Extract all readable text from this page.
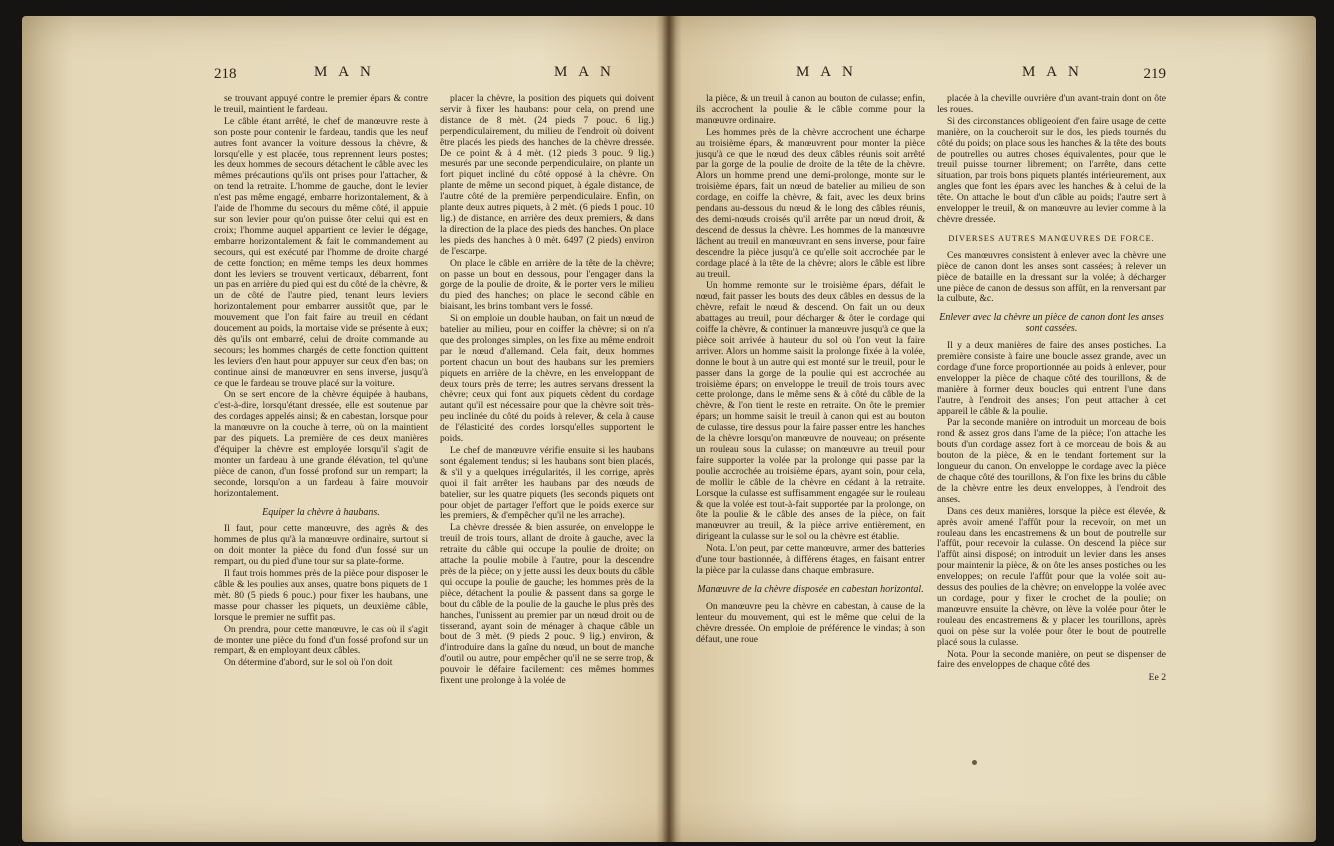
218	M A N	M A N

se trouvant appuyé contre le premier épars & contre le treuil, maintient le fardeau.

Le câble étant arrêté, le chef de manœuvre reste à son poste pour contenir le fardeau, tandis que les neuf autres font avancer la voiture dessous la chèvre, & lorsqu'elle y est placée, tous reprennent leurs postes; les deux hommes de secours détachent le câble avec les mêmes précautions qu'ils ont prises pour l'attacher, & on tend la retraite. L'homme de gauche, dont le levier n'est pas même engagé, embarre horizontalement, & à l'aide de l'homme du secours du même côté, il appuie sur son levier pour qu'on puisse ôter celui qui est en croix; l'homme auquel appartient ce levier le dégage, embarre horizontalement & fait le commandement au secours, qui est exécuté par l'homme de droite chargé de cette fonction; en même temps les deux hommes dont les leviers se trouvent verticaux, débarrent, font un pas en arrière du pied qui est du côté de la chèvre, & un de côté de l'autre pied, tenant leurs leviers horizontalement pour embarrer aussitôt que, par le mouvement que l'on fait faire au treuil en cédant doucement au poids, la mortaise vide se présente à eux; dès qu'ils ont embarré, celui de droite commande au secours; les hommes chargés de cette fonction quittent les leviers d'en haut pour appuyer sur ceux d'en bas; on continue ainsi de manœuvrer en sens inverse, jusqu'à ce que le fardeau se trouve placé sur la voiture.

On se sert encore de la chèvre équipée à haubans, c'est-à-dire, lorsqu'étant dressée, elle est soutenue par des cordages appelés ainsi; & en cabestan, lorsque pour la manœuvre on la couche à terre, où on la maintient par des piquets. La première de ces deux manières d'équiper la chèvre est employée lorsqu'il s'agit de monter un fardeau à une grande élévation, tel qu'une pièce de canon, d'un fossé profond sur un rempart; la seconde, lorsqu'on a un fardeau à faire mouvoir horizontalement.

Equiper la chèvre à haubans.

Il faut, pour cette manœuvre, des agrès & des hommes de plus qu'à la manœuvre ordinaire, surtout si on doit monter la pièce du fond d'un fossé sur un rempart, ou du pied d'une tour sur sa plate-forme.

Il faut trois hommes près de la pièce pour disposer le câble & les poulies aux anses, quatre bons piquets de 1 mèt. 80 (5 pieds 6 pouc.) pour fixer les haubans, une masse pour chasser les piquets, un deuxième câble, lorsque le premier ne suffit pas.

On prendra, pour cette manœuvre, le cas où il s'agit de monter une pièce du fond d'un fossé profond sur un rempart, & en employant deux câbles.

On détermine d'abord, sur le sol où l'on doit

placer la chèvre, la position des piquets qui doivent servir à fixer les haubans: pour cela, on prend une distance de 8 mèt. (24 pieds 7 pouc. 6 lig.) perpendiculairement, du milieu de l'endroit où doivent être placés les pieds des hanches de la chèvre dressée. De ce point & à 4 mèt. (12 pieds 3 pouc. 9 lig.) mesurés par une seconde perpendiculaire, on plante un fort piquet incliné du côté opposé à la chèvre. On plante de même un second piquet, à égale distance, de l'autre côté de la première perpendiculaire. Enfin, on plante deux autres piquets, à 2 mèt. (6 pieds 1 pouc. 10 lig.) de distance, en arrière des deux premiers, & dans la direction de la place des pieds des hanches. On place les pieds des hanches à 0 mèt. 6497 (2 pieds) environ de l'escarpe.

On place le câble en arrière de la tête de la chèvre; on passe un bout en dessous, pour l'engager dans la gorge de la poulie de droite, & le porter vers le milieu du pied des hanches; on place le second câble en biaisant, les brins tombant vers le fossé.

Si on emploie un double hauban, on fait un nœud de batelier au milieu, pour en coiffer la chèvre; si on n'a que des prolonges simples, on les fixe au même endroit par le nœud d'allemand. Cela fait, deux hommes portent chacun un bout des haubans sur les premiers piquets en arrière de la chèvre, en les enveloppant de deux tours près de terre; les autres servans dressent la chèvre; ceux qui font aux piquets cèdent du cordage autant qu'il est nécessaire pour que la chèvre soit très-peu inclinée du côté du poids à relever, & cela à cause de l'élasticité des cordes lorsqu'elles supportent le poids.

Le chef de manœuvre vérifie ensuite si les haubans sont également tendus; si les haubans sont bien placés, & s'il y a quelques irrégularités, il les corrige, après quoi il fait arrêter les haubans par des nœuds de batelier, sur les quatre piquets (les seconds piquets ont pour objet de partager l'effort que le poids exerce sur les premiers, & d'empêcher qu'il ne les arrache).

La chèvre dressée & bien assurée, on enveloppe le treuil de trois tours, allant de droite à gauche, avec la retraite du câble qui occupe la poulie de droite; on attache la poulie mobile à l'autre, pour la descendre près de la pièce; on y jette aussi les deux bouts du câble qui occupe la poulie de gauche; les hommes près de la pièce, détachent la poulie & passent dans sa gorge le bout du câble de la poulie de la gauche le plus près des hanches, l'unissent au premier par un nœud droit ou de tisserand, ayant soin de ménager à chaque câble un bout de 3 mèt. (9 pieds 2 pouc. 9 lig.) environ, & d'introduire dans la gaîne du nœud, un bout de manche d'outil ou autre, pour empêcher qu'il ne se serre trop, & pouvoir le défaire facilement: ces mêmes hommes fixent une prolonge à la volée de

M A N	M A N	219

la pièce, & un treuil à canon au bouton de culasse; enfin, ils accrochent la poulie & le câble comme pour la manœuvre ordinaire.

Les hommes près de la chèvre accrochent une écharpe au troisième épars, & manœuvrent pour monter la pièce jusqu'à ce que le nœud des deux câbles réunis soit arrêté par la gorge de la poulie de droite de la tête de la chèvre. Alors un homme prend une demi-prolonge, monte sur le troisième épars, fait un nœud de batelier au milieu de son cordage, en coiffe la chèvre, & fait, avec les deux brins pendans au-dessous du nœud & le long des câbles réunis, des demi-nœuds croisés qu'il arrête par un nœud droit, & descend de dessus la chèvre. Les hommes de la manœuvre lâchent au treuil en manœuvrant en sens inverse, pour faire descendre la pièce jusqu'à ce qu'elle soit accrochée par le cordage placé à la tête de la chèvre; alors le câble est libre au treuil.

Un homme remonte sur le troisième épars, défait le nœud, fait passer les bouts des deux câbles en dessus de la chèvre, refait le nœud & descend. On fait un ou deux abattages au treuil, pour décharger & ôter le cordage qui coiffe la chèvre, & continuer la manœuvre jusqu'à ce que la pièce soit arrivée à hauteur du sol où l'on veut la faire arriver. Alors un homme saisit la prolonge fixée à la volée, donne le bout à un autre qui est monté sur le treuil, pour le passer dans la gorge de la poulie qui est accrochée au troisième épars; on enveloppe le treuil de trois tours avec cette prolonge, dans le même sens & à côté du câble de la chèvre, & l'on tient le reste en retraite. On ôte le premier épars; un homme saisit le treuil à canon qui est au bouton de culasse, tire dessus pour la faire passer entre les hanches de la chèvre lorsqu'on manœuvre de nouveau; on présente un rouleau sous la culasse; on manœuvre au treuil pour faire supporter la volée par la prolonge qui passe par la poulie accrochée au troisième épars, ayant soin, pour cela, de mollir le câble de la chèvre en cédant à la retraite. Lorsque la culasse est suffisamment engagée sur le rouleau & que la volée est tout-à-fait supportée par la prolonge, on ôte la poulie & le câble des anses de la pièce, on fait manœuvrer au treuil, & la pièce arrive entièrement, en dirigeant la culasse sur le sol ou la chèvre est établie.

Nota. L'on peut, par cette manœuvre, armer des batteries d'une tour bastionnée, à différens étages, en faisant entrer la pièce par la culasse dans chaque embrasure.

Manœuvre de la chèvre disposée en cabestan horizontal.

On manœuvre peu la chèvre en cabestan, à cause de la lenteur du mouvement, qui est le même que celui de la chèvre dressée. On emploie de préférence le vindas; à son défaut, une roue

placée à la cheville ouvrière d'un avant-train dont on ôte les roues.

Si des circonstances obligeoient d'en faire usage de cette manière, on la coucheroit sur le dos, les pieds tournés du côté du poids; on place sous les hanches & la tête des bouts de poutrelles ou autres choses équivalentes, pour que le treuil puisse tourner librement; on l'arrête, dans cette situation, par trois bons piquets plantés intérieurement, aux angles que font les épars avec les hanches & à celui de la tête. On attache le bout d'un câble au poids; l'autre sert à envelopper le treuil, & on manœuvre au levier comme à la chèvre dressée.

DIVERSES AUTRES MANŒUVRES DE FORCE.

Ces manœuvres consistent à enlever avec la chèvre une pièce de canon dont les anses sont cassées; à relever un pièce de bataille en la dressant sur la volée; à décharger une pièce de canon de dessus son affût, en la renversant par la culbute, &c.

Enlever avec la chèvre un pièce de canon dont les anses sont cassées.

Il y a deux manières de faire des anses postiches. La première consiste à faire une boucle assez grande, avec un cordage d'une force proportionnée au poids à enlever, pour envelopper la pièce de chaque côté des tourillons, & de manière à former deux boucles qui entrent l'une dans l'autre, à l'endroit des anses; l'on peut attacher à cet appareil le câble & la poulie.

Par la seconde manière on introduit un morceau de bois rond & assez gros dans l'ame de la pièce; l'on attache les bouts d'un cordage assez fort à ce morceau de bois & au bouton de la pièce, & en le tendant fortement sur la longueur du canon. On enveloppe le cordage avec la pièce de chaque côté des tourillons, & l'on fixe les brins du câble de la chèvre entre les deux enveloppes, à l'endroit des anses.

Dans ces deux manières, lorsque la pièce est élevée, & après avoir amené l'affût pour la recevoir, on met un rouleau dans les encastremens & un bout de poutrelle sur l'affût, pour recevoir la culasse. On descend la pièce sur l'affût ainsi disposé; on introduit un levier dans les anses pour maintenir la pièce, & on ôte les anses postiches ou les enveloppes; on recule l'affût pour que la volée soit au-dessus des poulies de la chèvre; on enveloppe la volée avec un cordage, pour y fixer le crochet de la poulie; on manœuvre ensuite la chèvre, on lève la volée pour ôter le rouleau des encastremens & y placer les tourillons, après quoi on pèse sur la volée pour ôter le bout de poutrelle placé sous la culasse.

Nota. Pour la seconde manière, on peut se dispenser de faire des enveloppes de chaque côté des

Ee 2
